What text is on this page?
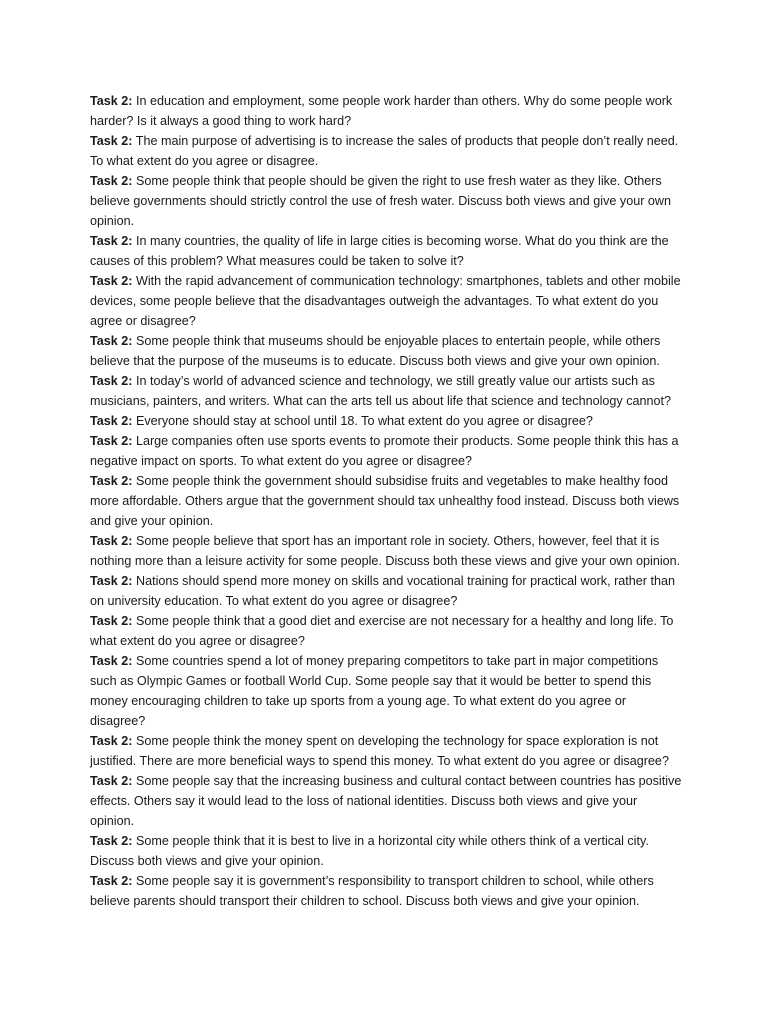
Task 2: In education and employment, some people work harder than others. Why do some people work harder? Is it always a good thing to work hard?

Task 2: The main purpose of advertising is to increase the sales of products that people don’t really need. To what extent do you agree or disagree.

Task 2: Some people think that people should be given the right to use fresh water as they like. Others believe governments should strictly control the use of fresh water. Discuss both views and give your own opinion.

Task 2: In many countries, the quality of life in large cities is becoming worse. What do you think are the causes of this problem? What measures could be taken to solve it?

Task 2: With the rapid advancement of communication technology: smartphones, tablets and other mobile devices, some people believe that the disadvantages outweigh the advantages. To what extent do you agree or disagree?

Task 2: Some people think that museums should be enjoyable places to entertain people, while others believe that the purpose of the museums is to educate. Discuss both views and give your own opinion.

Task 2: In today’s world of advanced science and technology, we still greatly value our artists such as musicians, painters, and writers. What can the arts tell us about life that science and technology cannot?

Task 2: Everyone should stay at school until 18. To what extent do you agree or disagree?

Task 2: Large companies often use sports events to promote their products. Some people think this has a negative impact on sports. To what extent do you agree or disagree?

Task 2: Some people think the government should subsidise fruits and vegetables to make healthy food more affordable. Others argue that the government should tax unhealthy food instead. Discuss both views and give your opinion.

Task 2: Some people believe that sport has an important role in society. Others, however, feel that it is nothing more than a leisure activity for some people. Discuss both these views and give your own opinion.

Task 2: Nations should spend more money on skills and vocational training for practical work, rather than on university education. To what extent do you agree or disagree?

Task 2: Some people think that a good diet and exercise are not necessary for a healthy and long life. To what extent do you agree or disagree?

Task 2: Some countries spend a lot of money preparing competitors to take part in major competitions such as Olympic Games or football World Cup. Some people say that it would be better to spend this money encouraging children to take up sports from a young age. To what extent do you agree or disagree?

Task 2: Some people think the money spent on developing the technology for space exploration is not justified. There are more beneficial ways to spend this money. To what extent do you agree or disagree?

Task 2: Some people say that the increasing business and cultural contact between countries has positive effects. Others say it would lead to the loss of national identities. Discuss both views and give your opinion.

Task 2: Some people think that it is best to live in a horizontal city while others think of a vertical city. Discuss both views and give your opinion.

Task 2: Some people say it is government’s responsibility to transport children to school, while others believe parents should transport their children to school. Discuss both views and give your opinion.
